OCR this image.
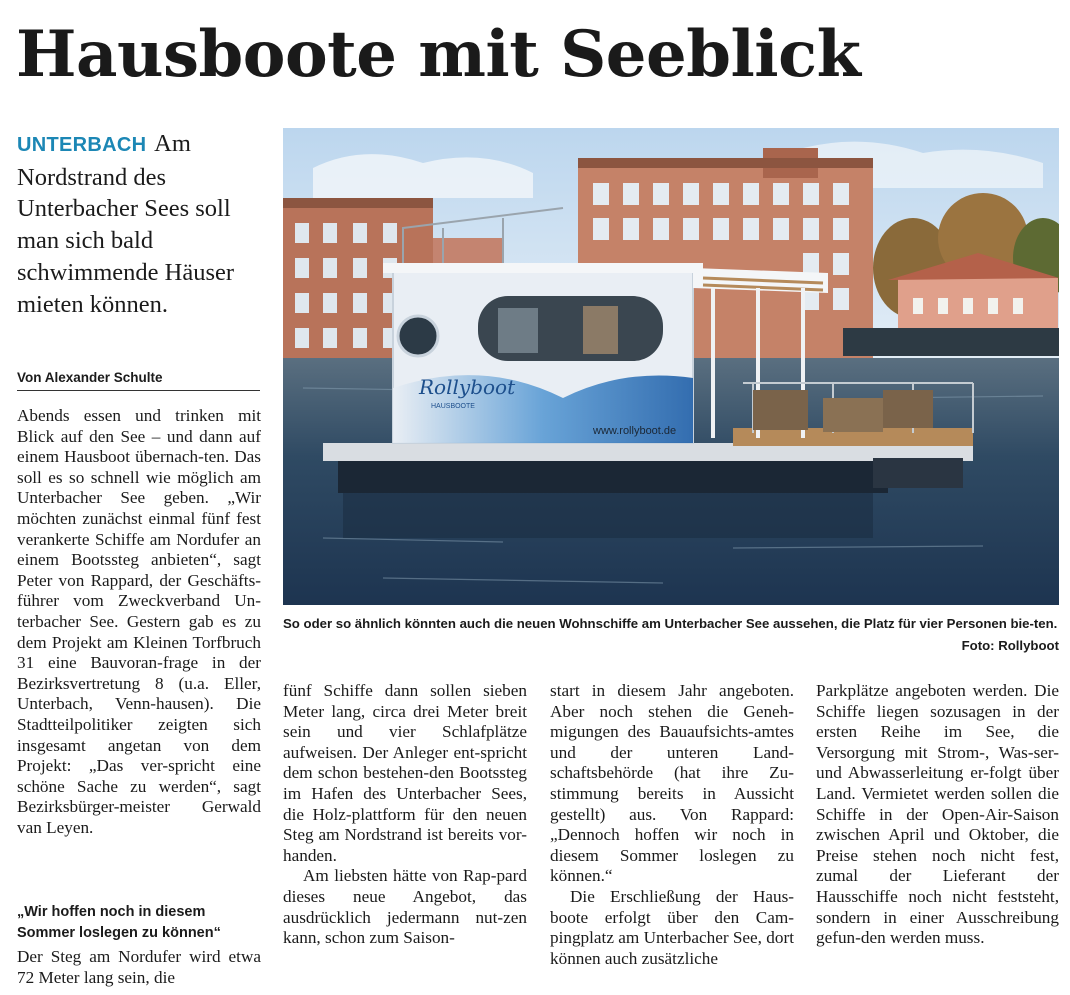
Hausboote mit Seeblick
UNTERBACH Am Nordstrand des Unterbacher Sees soll man sich bald schwimmende Häuser mieten können.
Von Alexander Schulte

Abends essen und trinken mit Blick auf den See – und dann auf einem Hausboot übernach-ten. Das soll es so schnell wie möglich am Unterbacher See geben. „Wir möchten zunächst einmal fünf fest verankerte Schiffe am Nordufer an einem Bootssteg anbieten“, sagt Peter von Rappard, der Geschäfts-führer vom Zweckverband Un-terbacher See. Gestern gab es zu dem Projekt am Kleinen Torfbruch 31 eine Bauvoran-frage in der Bezirksvertretung 8 (u.a. Eller, Unterbach, Venn-hausen). Die Stadtteilpolitiker zeigten sich insgesamt angetan von dem Projekt: „Das ver-spricht eine schöne Sache zu werden“, sagt Bezirksbürger-meister Gerwald van Leyen.

„Wir hoffen noch in diesem Sommer loslegen zu können“

Der Steg am Nordufer wird etwa 72 Meter lang sein, die

Rollyboot
HAUSBOOTE
www.rollyboot.de
So oder so ähnlich könnten auch die neuen Wohnschiffe am Unterbacher See aussehen, die Platz für vier Personen bie-ten.
Foto: Rollyboot

fünf Schiffe dann sollen sieben Meter lang, circa drei Meter breit sein und vier Schlafplätze aufweisen. Der Anleger ent-spricht dem schon bestehen-den Bootssteg im Hafen des Unterbacher Sees, die Holz-plattform für den neuen Steg am Nordstrand ist bereits vor-handen.

Am liebsten hätte von Rap-pard dieses neue Angebot, das ausdrücklich jedermann nut-zen kann, schon zum Saison-

start in diesem Jahr angeboten. Aber noch stehen die Geneh-migungen des Bauaufsichts-amtes und der unteren Land-schaftsbehörde (hat ihre Zu-stimmung bereits in Aussicht gestellt) aus. Von Rappard: „Dennoch hoffen wir noch in diesem Sommer loslegen zu können.“

Die Erschließung der Haus-boote erfolgt über den Cam-pingplatz am Unterbacher See, dort können auch zusätzliche

Parkplätze angeboten werden. Die Schiffe liegen sozusagen in der ersten Reihe im See, die Versorgung mit Strom-, Was-ser- und Abwasserleitung er-folgt über Land. Vermietet werden sollen die Schiffe in der Open-Air-Saison zwischen April und Oktober, die Preise stehen noch nicht fest, zumal der Lieferant der Hausschiffe noch nicht feststeht, sondern in einer Ausschreibung gefun-den werden muss.
